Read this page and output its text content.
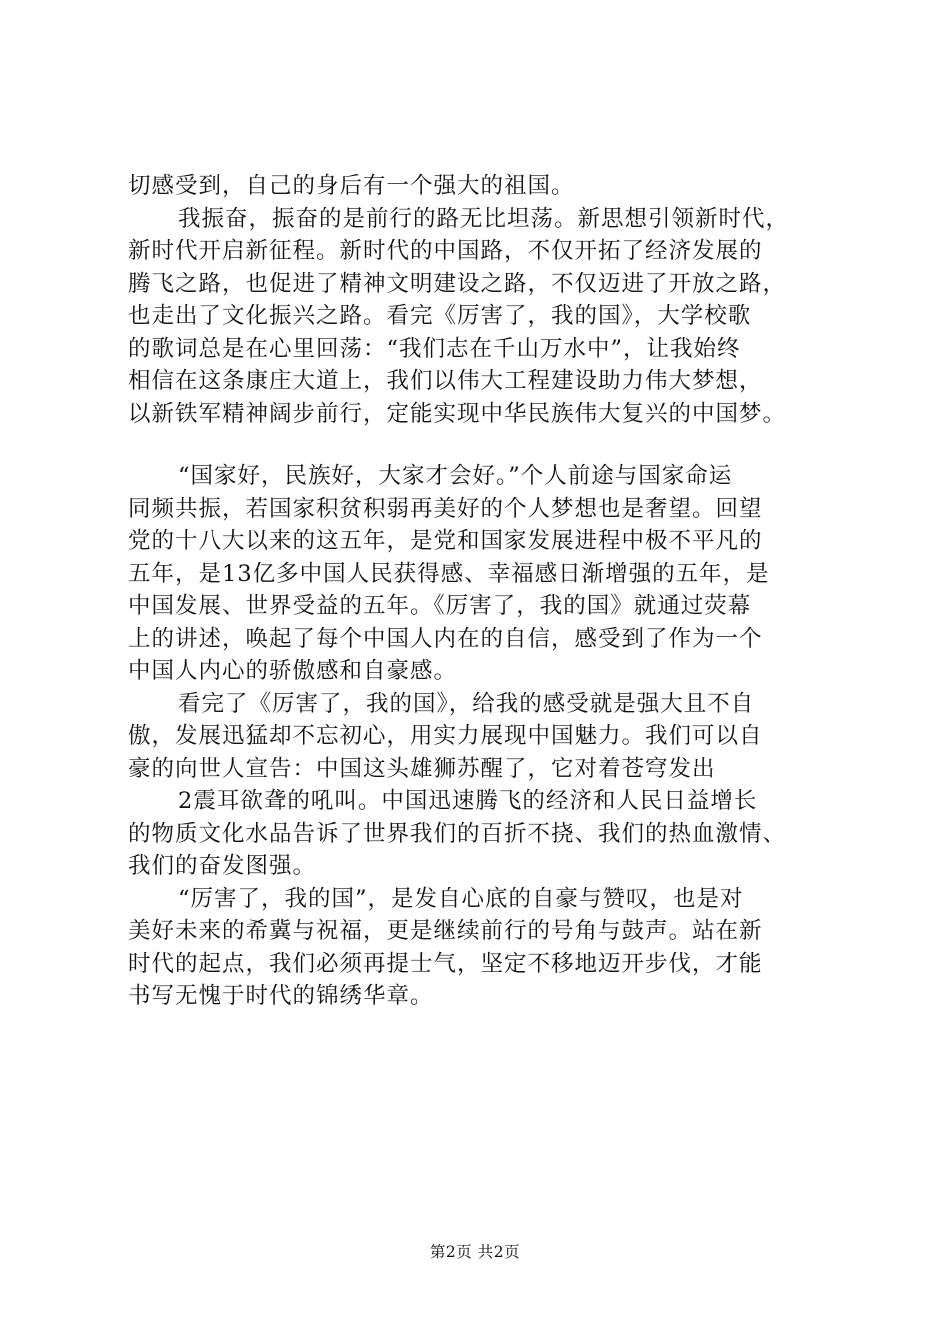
切感受到，自己的身后有一个强大的祖国。
我振奋，振奋的是前行的路无比坦荡。新思想引领新时代，
新时代开启新征程。新时代的中国路，不仅开拓了经济发展的
腾飞之路，也促进了精神文明建设之路，不仅迈进了开放之路，
也走出了文化振兴之路。看完《厉害了，我的国》，大学校歌
的歌词总是在心里回荡：“我们志在千山万水中”，让我始终
相信在这条康庄大道上，我们以伟大工程建设助力伟大梦想，
以新铁军精神阔步前行，定能实现中华民族伟大复兴的中国梦。
“国家好，民族好，大家才会好。”个人前途与国家命运
同频共振，若国家积贫积弱再美好的个人梦想也是奢望。回望
党的十八大以来的这五年，是党和国家发展进程中极不平凡的
五年，是13亿多中国人民获得感、幸福感日渐增强的五年，是
中国发展、世界受益的五年。《厉害了，我的国》就通过荧幕
上的讲述，唤起了每个中国人内在的自信，感受到了作为一个
中国人内心的骄傲感和自豪感。
看完了《厉害了，我的国》，给我的感受就是强大且不自
傲，发展迅猛却不忘初心，用实力展现中国魅力。我们可以自
豪的向世人宣告：中国这头雄狮苏醒了，它对着苍穹发出
2震耳欲聋的吼叫。中国迅速腾飞的经济和人民日益增长
的物质文化水品告诉了世界我们的百折不挠、我们的热血激情、
我们的奋发图强。
“厉害了，我的国”，是发自心底的自豪与赞叹，也是对
美好未来的希冀与祝福，更是继续前行的号角与鼓声。站在新
时代的起点，我们必须再提士气，坚定不移地迈开步伐，才能
书写无愧于时代的锦绣华章。
第2页 共2页
